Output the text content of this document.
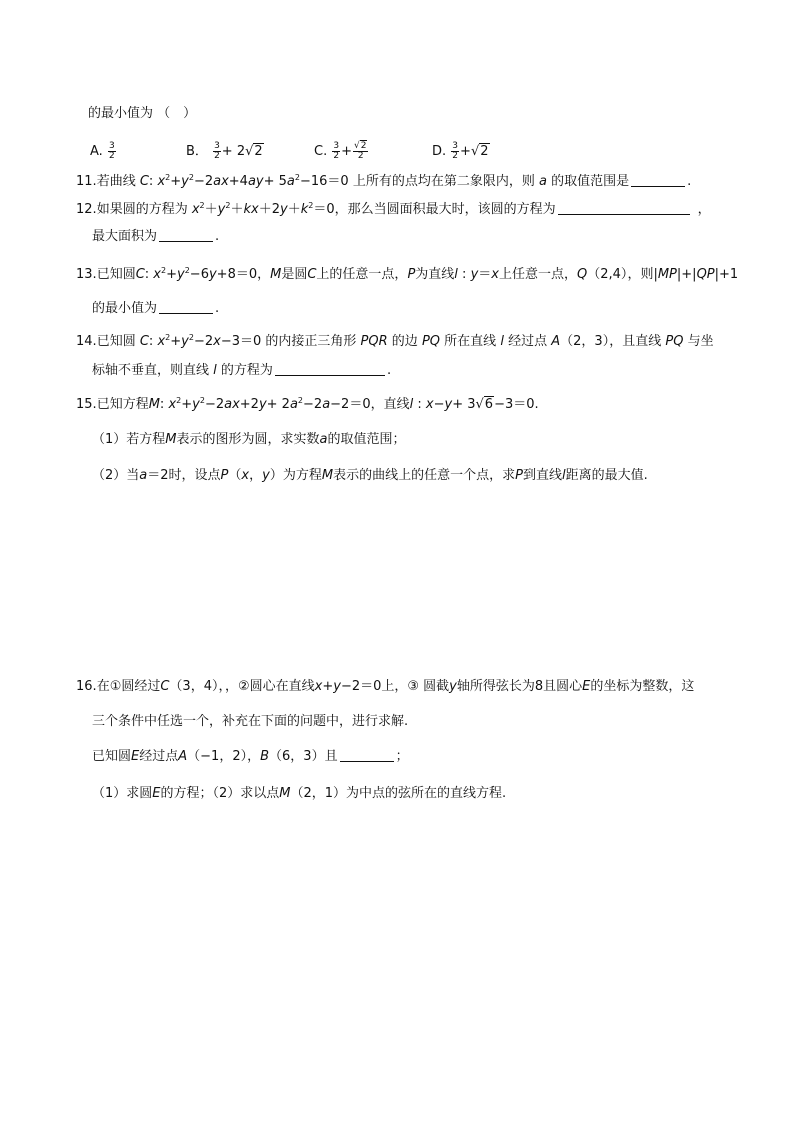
的最小值为 （　）
A. $\frac{3}{2}$	B． $\frac{3}{2} + 2√2$	C. $\frac{3}{2} + \frac{√2}{2}$	D. $\frac{3}{2} +√2$
11.若曲线 C: $x^2+y^2-2ax+4ay+ 5a^2-16=0$ 上所有的点均在第二象限内，则 a 的取值范围是	.
12.如果圆的方程为 $x^2+y^2+kx+2y+k^2=0$，那么当圆面积最大时，该圆的方程为	，
最大面积为	.
13.已知圆C: $x^2+y^2-6y+8=0$，M是圆C上的任意一点，P为直线l : y＝x上任意一点，Q（2,4），则|MP|+|QP|+1
的最小值为	.
14.已知圆 C: $x^2+y^2-2x-3=0$ 的内接正三角形 PQR 的边 PQ 所在直线 l 经过点 A（2，3），且直线 PQ 与坐
标轴不垂直，则直线 l 的方程为	.
15.已知方程M: $x^2+y^2-2ax+2y+ 2a^2-2a-2=0$，直线l : x−y+ 3√6−3＝0.
（1）若方程M表示的图形为圆，求实数a的取值范围；
（2）当a＝2时，设点P（x，y）为方程M表示的曲线上的任意一个点，求P到直线l距离的最大值.
16.在①圆经过C（3，4），，②圆心在直线x+y−2＝0上，③ 圆截y轴所得弦长为8且圆心E的坐标为整数，这
三个条件中任选一个，补充在下面的问题中，进行求解.
已知圆E经过点A（−1，2），B（6，3）且	；
（1）求圆E的方程；（2）求以点M（2，1）为中点的弦所在的直线方程.
